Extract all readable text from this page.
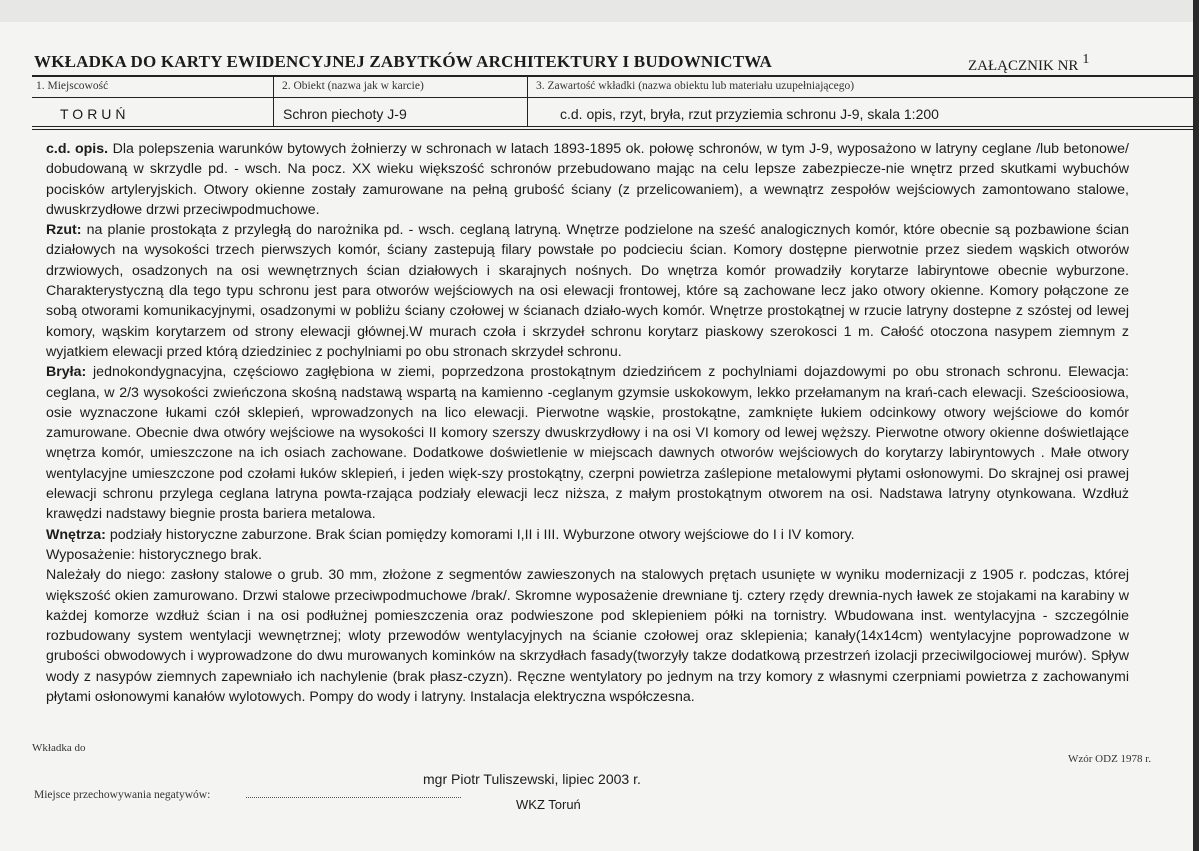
WKŁADKA DO KARTY EWIDENCYJNEJ ZABYTKÓW ARCHITEKTURY I BUDOWNICTWA	ZAŁĄCZNIK NR $^1$
1. Miejscowość
TORUŃ
2. Obiekt (nazwa jak w karcie)
Schron piechoty J-9
3. Zawartość wkładki (nazwa obiektu lub materiału uzupełniającego)
c.d. opis, rzyt, bryła, rzut przyziemia schronu J-9, skala 1:200

c.d. opis. Dla polepszenia warunków bytowych żołnierzy w schronach w latach 1893-1895 ok. połowę schronów, w tym J-9, wyposażono w latryny ceglane /lub betonowe/ dobudowaną w skrzydle pd. - wsch. Na pocz. XX wieku większość schronów przebudowano mając na celu lepsze zabezpiecze-nie wnętrz przed skutkami wybuchów pocisków artyleryjskich. Otwory okienne zostały zamurowane na pełną grubość ściany (z przelicowaniem), a wewnątrz zespołów wejściowych zamontowano stalowe, dwuskrzydłowe drzwi przeciwpodmuchowe.

Rzut: na planie prostokąta z przyległą do narożnika pd. - wsch. ceglaną latryną. Wnętrze podzielone na sześć analogicznych komór, które obecnie są pozbawione ścian działowych na wysokości trzech pierwszych komór, ściany zastepują filary powstałe po podcieciu ścian. Komory dostępne pierwotnie przez siedem wąskich otworów drzwiowych, osadzonych na osi wewnętrznych ścian działowych i skarajnych nośnych. Do wnętrza komór prowadziły korytarze labiryntowe obecnie wyburzone. Charakterystyczną dla tego typu schronu jest para otworów wejściowych na osi elewacji frontowej, które są zachowane lecz jako otwory okienne. Komory połączone ze sobą otworami komunikacyjnymi, osadzonymi w pobliżu ściany czołowej w ścianach działo-wych komór. Wnętrze prostokątnej w rzucie latryny dostepne z szóstej od lewej komory, wąskim korytarzem od strony elewacji głównej.W murach czoła i skrzydeł schronu korytarz piaskowy szerokosci 1 m. Całość otoczona nasypem ziemnym z wyjatkiem elewacji przed którą dziedziniec z pochylniami po obu stronach skrzydeł schronu.

Bryła: jednokondygnacyjna, częściowo zagłębiona w ziemi, poprzedzona prostokątnym dziedzińcem z pochylniami dojazdowymi po obu stronach schronu. Elewacja: ceglana, w 2/3 wysokości zwieńczona skośną nadstawą wspartą na kamienno -ceglanym gzymsie uskokowym, lekko przełamanym na krań-cach elewacji. Sześcioosiowa, osie wyznaczone łukami czół sklepień, wprowadzonych na lico elewacji. Pierwotne wąskie, prostokątne, zamknięte łukiem odcinkowy otwory wejściowe do komór zamurowane. Obecnie dwa otwóry wejściowe na wysokości II komory szerszy dwuskrzydłowy i na osi VI komory od lewej węższy. Pierwotne otwory okienne doświetlające wnętrza komór, umieszczone na ich osiach zachowane. Dodatkowe doświetlenie w miejscach dawnych otworów wejściowych do korytarzy labiryntowych . Małe otwory wentylacyjne umieszczone pod czołami łuków sklepień, i jeden więk-szy prostokątny, czerpni powietrza zaślepione metalowymi płytami osłonowymi. Do skrajnej osi prawej elewacji schronu przylega ceglana latryna powta-rzająca podziały elewacji lecz niższa, z małym prostokątnym otworem na osi. Nadstawa latryny otynkowana. Wzdłuż krawędzi nadstawy biegnie prosta bariera metalowa.

Wnętrza: podziały historyczne zaburzone. Brak ścian pomiędzy komorami I,II i III. Wyburzone otwory wejściowe do I i IV komory.

Wyposażenie: historycznego brak.

Należały do niego: zasłony stalowe o grub. 30 mm, złożone z segmentów zawieszonych na stalowych prętach usunięte w wyniku modernizacji z 1905 r. podczas, której większość okien zamurowano. Drzwi stalowe przeciwpodmuchowe /brak/. Skromne wyposażenie drewniane tj. cztery rzędy drewnia-nych ławek ze stojakami na karabiny w każdej komorze wzdłuż ścian i na osi podłużnej pomieszczenia oraz podwieszone pod sklepieniem półki na tornistry. Wbudowana inst. wentylacyjna - szczególnie rozbudowany system wentylacji wewnętrznej; wloty przewodów wentylacyjnych na ścianie czołowej oraz sklepienia; kanały(14x14cm) wentylacyjne poprowadzone w grubości obwodowych i wyprowadzone do dwu murowanych kominków na skrzydłach fasady(tworzyły takze dodatkową przestrzeń izolacji przeciwilgociowej murów). Spływ wody z nasypów ziemnych zapewniało ich nachylenie (brak płasz-czyzn). Ręczne wentylatory po jednym na trzy komory z własnymi czerpniami powietrza z zachowanymi płytami osłonowymi kanałów wylotowych. Pompy do wody i latryny. Instalacja elektryczna współczesna.

Wkładka do
Wzór ODZ 1978 r.
mgr Piotr Tuliszewski, lipiec 2003 r.
Miejsce przechowywania negatywów:
WKZ Toruń
